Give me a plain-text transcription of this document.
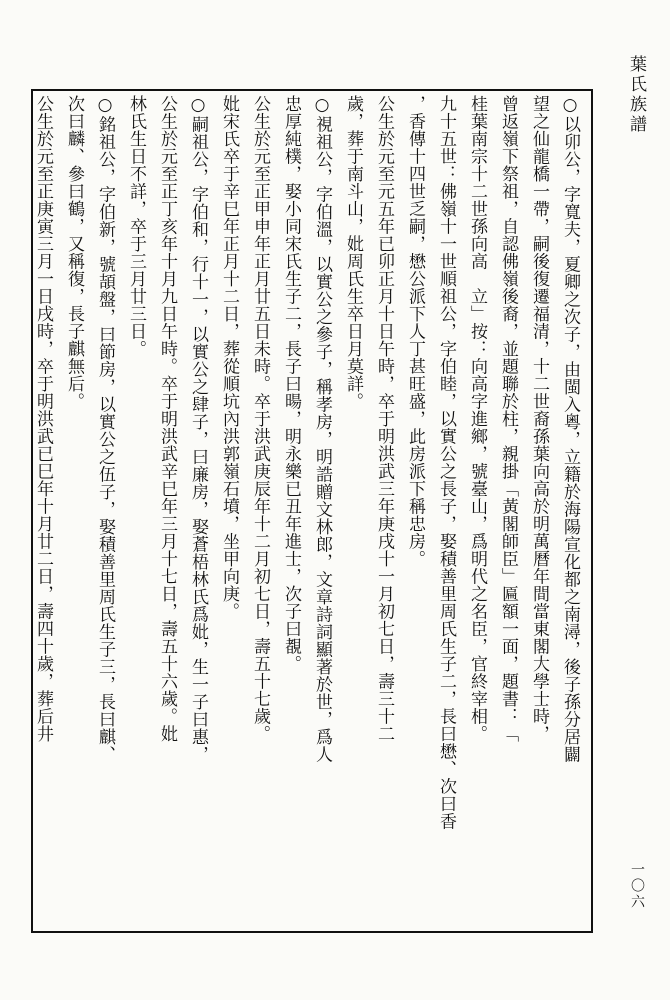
葉氏族譜
○以卯公，字寬夫，夏卿之次子，由閩入粵，立籍於海陽宣化都之南潯，後子孫分居闢
望之仙龍橋一帶，嗣後復遷福清，十二世裔孫葉向高於明萬曆年間當東閣大學士時，
曾返嶺下祭祖，自認佛嶺後裔，並題聯於柱，親掛「黃閣師臣」匾額一面，題書：「
桂葉南宗十二世孫向高　立」按：向高字進鄉，號臺山，爲明代之名臣，官終宰相。
九十五世：佛嶺十一世順祖公，字伯睦，以實公之長子，娶積善里周氏生子二，長曰懋、次曰香
，香傳十四世乏嗣，懋公派下人丁甚旺盛，此房派下稱忠房。
公生於元至元五年已卯正月十日午時，卒于明洪武三年庚戌十一月初七日，壽三十二
歲，葬于南斗山，妣周氏生卒日月莫詳。
○視祖公，字伯溫，以實公之參子，稱孝房，明誥贈文林郎，文章詩詞顯著於世，爲人
忠厚純樸，娶小同宋氏生子二，長子曰暘，明永樂已丑年進士，次子曰覩。
公生於元至正甲申年正月廿五日未時。卒于洪武庚辰年十二月初七日，壽五十七歲。
妣宋氏卒于辛巳年正月十二日，葬從順坑內洪郭嶺石墳，坐甲向庚。
○嗣祖公，字伯和，行十一，以實公之肆子，曰廉房，娶蒼梧林氏爲妣，生一子曰惠，
公生於元至正丁亥年十月九日午時。卒于明洪武辛巳年三月十七日，壽五十六歲。妣
林氏生日不詳，卒于三月廿三日。
○銘祖公，字伯新，號頡盤，曰節房，以實公之伍子，娶積善里周氏生子三，長曰麒、
次曰麟、參曰鶴，又稱復，長子麒無后。
公生於元至正庚寅三月一日戌時，卒于明洪武已巳年十月廿二日，壽四十歲，葬后井
一〇六
